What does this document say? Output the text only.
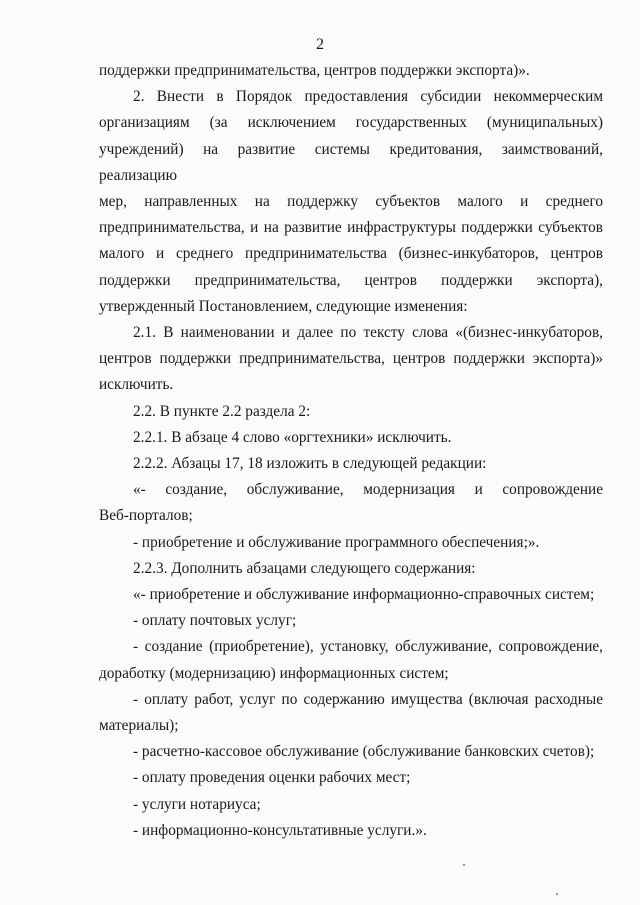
2

поддержки предпринимательства, центров поддержки экспорта)».

2. Внести в Порядок предоставления субсидии некоммерческим

организациям (за исключением государственных (муниципальных)

учреждений) на развитие системы кредитования, заимствований, реализацию

мер, направленных на поддержку субъектов малого и среднего

предпринимательства, и на развитие инфраструктуры поддержки субъектов

малого и среднего предпринимательства (бизнес-инкубаторов, центров

поддержки предпринимательства, центров поддержки экспорта),

утвержденный Постановлением, следующие изменения:

2.1. В наименовании и далее по тексту слова «(бизнес-инкубаторов,

центров поддержки предпринимательства, центров поддержки экспорта)»

исключить.

2.2. В пункте 2.2 раздела 2:

2.2.1. В абзаце 4 слово «оргтехники» исключить.

2.2.2. Абзацы 17, 18 изложить в следующей редакции:

«- создание, обслуживание, модернизация и сопровождение

Веб-порталов;

- приобретение и обслуживание программного обеспечения;».

2.2.3. Дополнить абзацами следующего содержания:

«- приобретение и обслуживание информационно-справочных систем;

- оплату почтовых услуг;

- создание (приобретение), установку, обслуживание, сопровождение,

доработку (модернизацию) информационных систем;

- оплату работ, услуг по содержанию имущества (включая расходные

материалы);

- расчетно-кассовое обслуживание (обслуживание банковских счетов);

- оплату проведения оценки рабочих мест;

- услуги нотариуса;

- информационно-консультативные услуги.».
